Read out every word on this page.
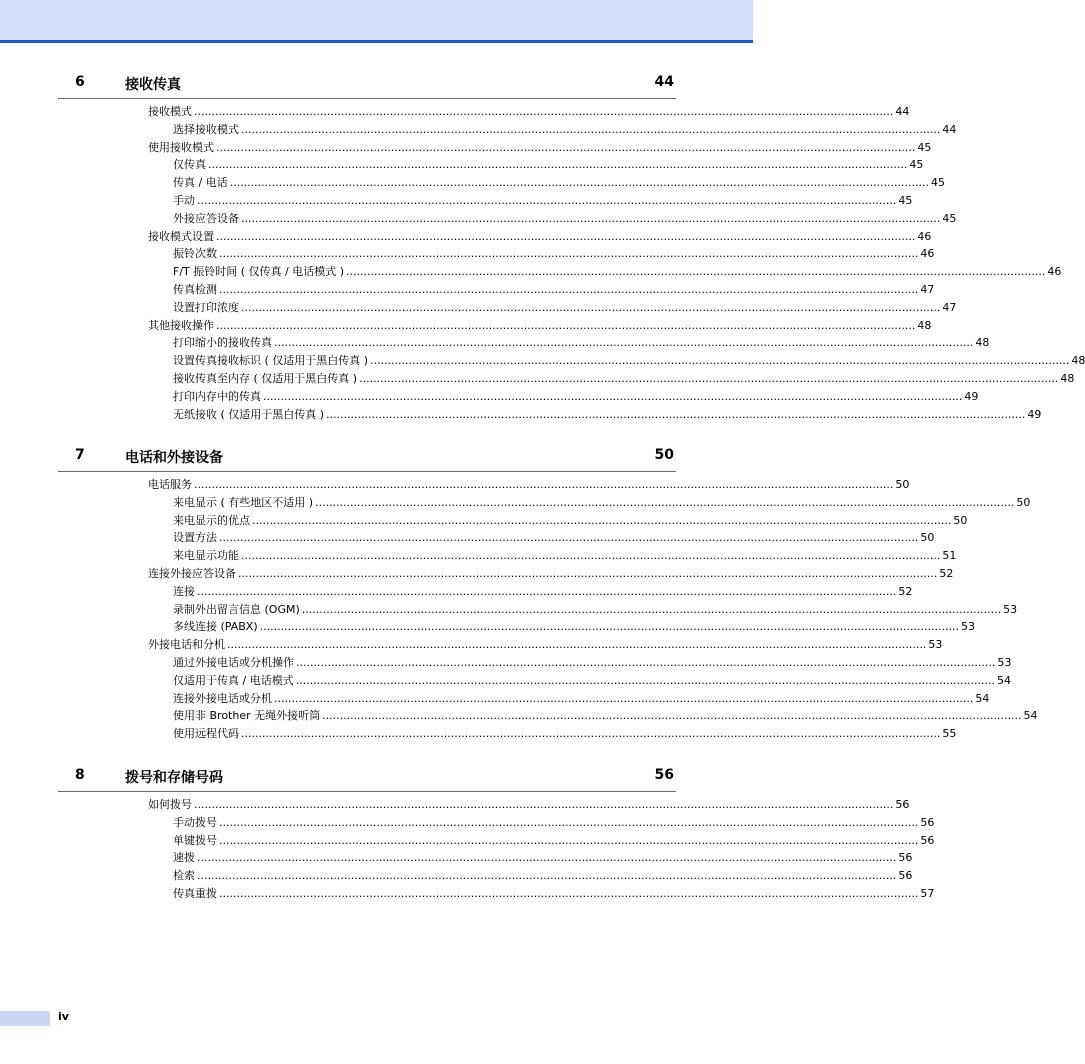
6	接收传真	44
接收模式 ........................................................................................................................................................................................................ 44
选择接收模式 ........................................................................................................................................................................................................ 44
使用接收模式 ........................................................................................................................................................................................................ 45
仅传真 ........................................................................................................................................................................................................ 45
传真 / 电话 ........................................................................................................................................................................................................ 45
手动 ........................................................................................................................................................................................................ 45
外接应答设备 ........................................................................................................................................................................................................ 45
接收模式设置 ........................................................................................................................................................................................................ 46
振铃次数 ........................................................................................................................................................................................................ 46
F/T 振铃时间 ( 仅传真 / 电话模式 ) ........................................................................................................................................................................................................ 46
传真检测 ........................................................................................................................................................................................................ 47
设置打印浓度 ........................................................................................................................................................................................................ 47
其他接收操作 ........................................................................................................................................................................................................ 48
打印缩小的接收传真 ........................................................................................................................................................................................................ 48
设置传真接收标识 ( 仅适用于黑白传真 ) ........................................................................................................................................................................................................ 48
接收传真至内存 ( 仅适用于黑白传真 ) ........................................................................................................................................................................................................ 48
打印内存中的传真 ........................................................................................................................................................................................................ 49
无纸接收 ( 仅适用于黑白传真 ) ........................................................................................................................................................................................................ 49
7	电话和外接设备	50
电话服务 ........................................................................................................................................................................................................ 50
来电显示 ( 有些地区不适用 ) ........................................................................................................................................................................................................ 50
来电显示的优点 ........................................................................................................................................................................................................ 50
设置方法 ........................................................................................................................................................................................................ 50
来电显示功能 ........................................................................................................................................................................................................ 51
连接外接应答设备 ........................................................................................................................................................................................................ 52
连接 ........................................................................................................................................................................................................ 52
录制外出留言信息 (OGM) ........................................................................................................................................................................................................ 53
多线连接 (PABX) ........................................................................................................................................................................................................ 53
外接电话和分机 ........................................................................................................................................................................................................ 53
通过外接电话或分机操作 ........................................................................................................................................................................................................ 53
仅适用于传真 / 电话模式 ........................................................................................................................................................................................................ 54
连接外接电话或分机 ........................................................................................................................................................................................................ 54
使用非 Brother 无绳外接听筒 ........................................................................................................................................................................................................ 54
使用远程代码 ........................................................................................................................................................................................................ 55
8	拨号和存储号码	56
如何拨号 ........................................................................................................................................................................................................ 56
手动拨号 ........................................................................................................................................................................................................ 56
单键拨号 ........................................................................................................................................................................................................ 56
速拨 ........................................................................................................................................................................................................ 56
检索 ........................................................................................................................................................................................................ 56
传真重拨 ........................................................................................................................................................................................................ 57
iv
